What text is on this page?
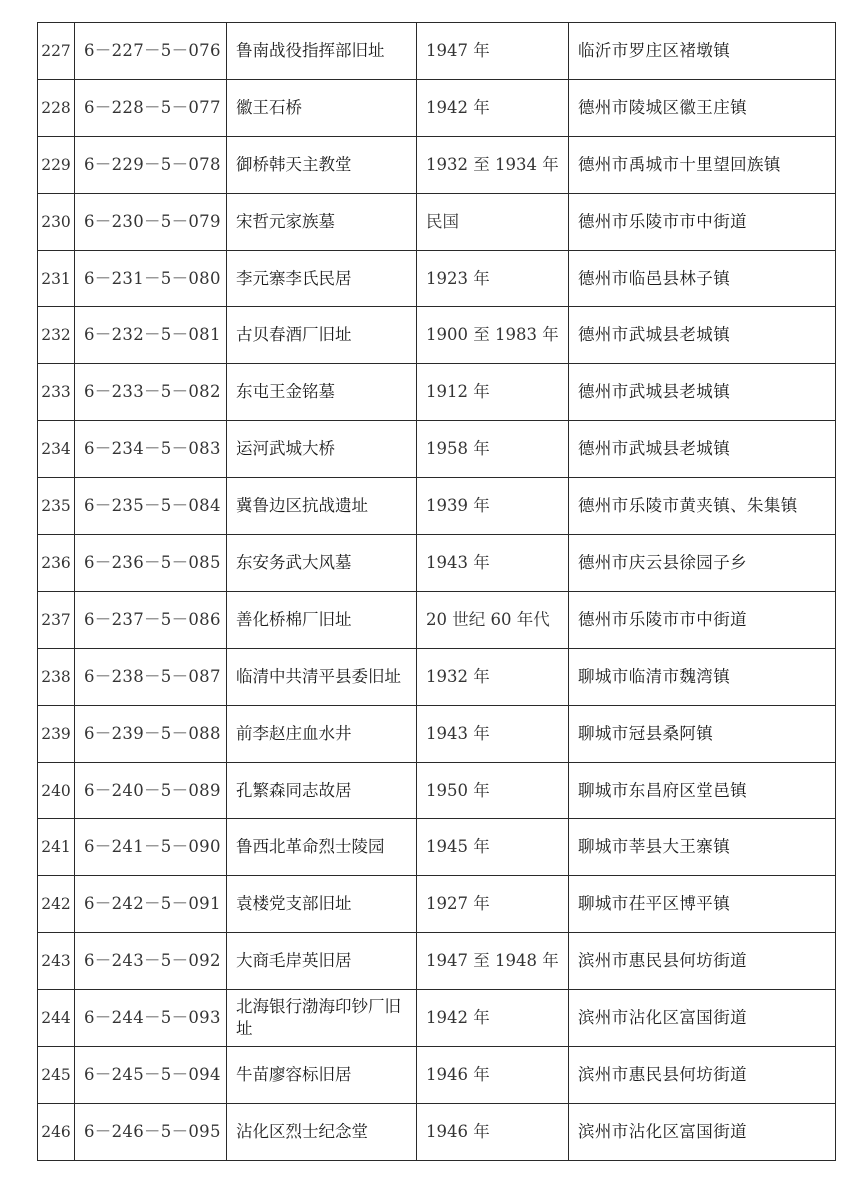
227	6－227－5－076	鲁南战役指挥部旧址	1947 年	临沂市罗庄区褚墩镇
228	6－228－5－077	徽王石桥	1942 年	德州市陵城区徽王庄镇
229	6－229－5－078	御桥韩天主教堂	1932 至 1934 年	德州市禹城市十里望回族镇
230	6－230－5－079	宋哲元家族墓	民国	德州市乐陵市市中街道
231	6－231－5－080	李元寨李氏民居	1923 年	德州市临邑县林子镇
232	6－232－5－081	古贝春酒厂旧址	1900 至 1983 年	德州市武城县老城镇
233	6－233－5－082	东屯王金铭墓	1912 年	德州市武城县老城镇
234	6－234－5－083	运河武城大桥	1958 年	德州市武城县老城镇
235	6－235－5－084	冀鲁边区抗战遗址	1939 年	德州市乐陵市黄夹镇、朱集镇
236	6－236－5－085	东安务武大风墓	1943 年	德州市庆云县徐园子乡
237	6－237－5－086	善化桥棉厂旧址	20 世纪 60 年代	德州市乐陵市市中街道
238	6－238－5－087	临清中共清平县委旧址	1932 年	聊城市临清市魏湾镇
239	6－239－5－088	前李赵庄血水井	1943 年	聊城市冠县桑阿镇
240	6－240－5－089	孔繁森同志故居	1950 年	聊城市东昌府区堂邑镇
241	6－241－5－090	鲁西北革命烈士陵园	1945 年	聊城市莘县大王寨镇
242	6－242－5－091	袁楼党支部旧址	1927 年	聊城市茌平区博平镇
243	6－243－5－092	大商毛岸英旧居	1947 至 1948 年	滨州市惠民县何坊街道
244	6－244－5－093	北海银行渤海印钞厂旧址	1942 年	滨州市沾化区富国街道
245	6－245－5－094	牛苗廖容标旧居	1946 年	滨州市惠民县何坊街道
246	6－246－5－095	沾化区烈士纪念堂	1946 年	滨州市沾化区富国街道
